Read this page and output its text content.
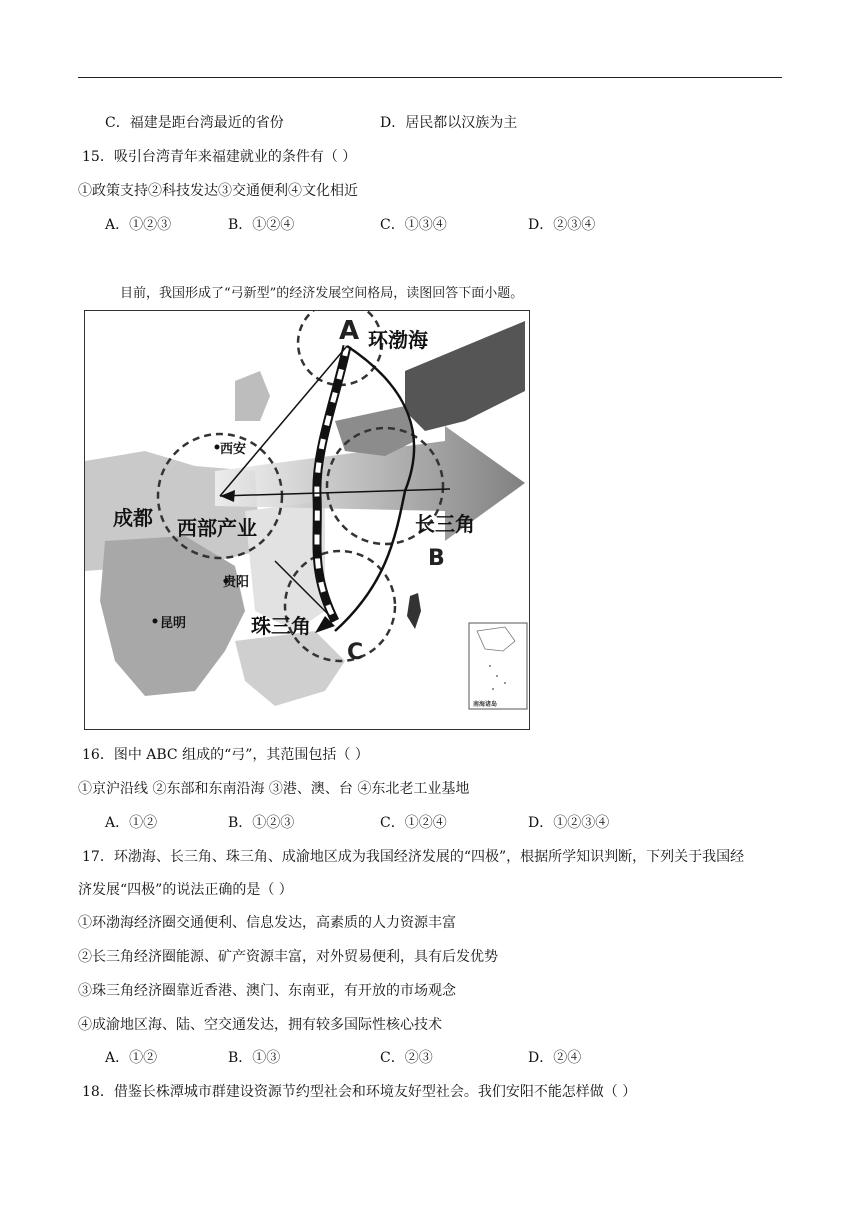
C．福建是距台湾最近的省份	D．居民都以汉族为主
15．吸引台湾青年来福建就业的条件有（ ）
①政策支持②科技发达③交通便利④文化相近
A．①②③	B．①②④	C．①③④	D．②③④
目前，我国形成了“弓新型”的经济发展空间格局，读图回答下面小题。
A 环渤海
西安
成都 西部产业	长三角
B
贵阳
昆明	珠三角
C
南海诸岛
16．图中 ABC 组成的“弓”，其范围包括（ ）
①京沪沿线 ②东部和东南沿海 ③港、澳、台 ④东北老工业基地
A．①②	B．①②③	C．①②④	D．①②③④
17．环渤海、长三角、珠三角、成渝地区成为我国经济发展的“四极”，根据所学知识判断，下列关于我国经
济发展“四极”的说法正确的是（ ）
①环渤海经济圈交通便利、信息发达，高素质的人力资源丰富
②长三角经济圈能源、矿产资源丰富，对外贸易便利，具有后发优势
③珠三角经济圈靠近香港、澳门、东南亚，有开放的市场观念
④成渝地区海、陆、空交通发达，拥有较多国际性核心技术
A．①②	B．①③	C．②③	D．②④
18．借鉴长株潭城市群建设资源节约型社会和环境友好型社会。我们安阳不能怎样做（ ）
